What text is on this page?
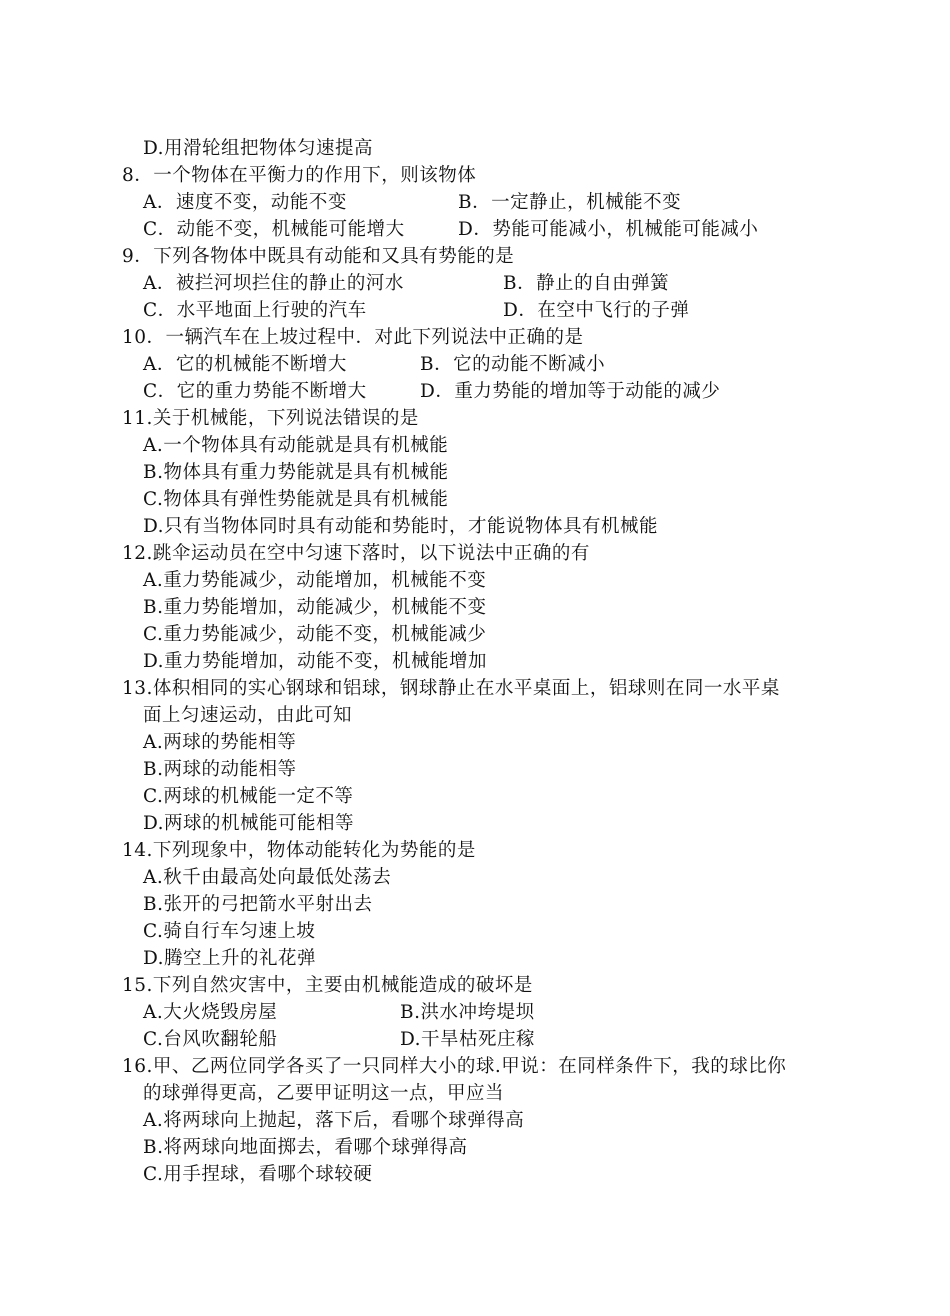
D.用滑轮组把物体匀速提高
8．一个物体在平衡力的作用下，则该物体
A．速度不变，动能不变	B．一定静止，机械能不变
C．动能不变，机械能可能增大	D．势能可能减小，机械能可能减小
9．下列各物体中既具有动能和又具有势能的是
A．被拦河坝拦住的静止的河水	B．静止的自由弹簧
C．水平地面上行驶的汽车	D．在空中飞行的子弹
10．一辆汽车在上坡过程中．对此下列说法中正确的是
A．它的机械能不断增大	B．它的动能不断减小
C．它的重力势能不断增大	D．重力势能的增加等于动能的减少
11.关于机械能，下列说法错误的是
A.一个物体具有动能就是具有机械能
B.物体具有重力势能就是具有机械能
C.物体具有弹性势能就是具有机械能
D.只有当物体同时具有动能和势能时，才能说物体具有机械能
12.跳伞运动员在空中匀速下落时，以下说法中正确的有
A.重力势能减少，动能增加，机械能不变
B.重力势能增加，动能减少，机械能不变
C.重力势能减少，动能不变，机械能减少
D.重力势能增加，动能不变，机械能增加
13.体积相同的实心钢球和铝球，钢球静止在水平桌面上，铝球则在同一水平桌
面上匀速运动，由此可知
A.两球的势能相等
B.两球的动能相等
C.两球的机械能一定不等
D.两球的机械能可能相等
14.下列现象中，物体动能转化为势能的是
A.秋千由最高处向最低处荡去
B.张开的弓把箭水平射出去
C.骑自行车匀速上坡
D.腾空上升的礼花弹
15.下列自然灾害中，主要由机械能造成的破坏是
A.大火烧毁房屋	B.洪水冲垮堤坝
C.台风吹翻轮船	D.干旱枯死庄稼
16.甲、乙两位同学各买了一只同样大小的球.甲说：在同样条件下，我的球比你
的球弹得更高，乙要甲证明这一点，甲应当
A.将两球向上抛起，落下后，看哪个球弹得高
B.将两球向地面掷去，看哪个球弹得高
C.用手捏球，看哪个球较硬
